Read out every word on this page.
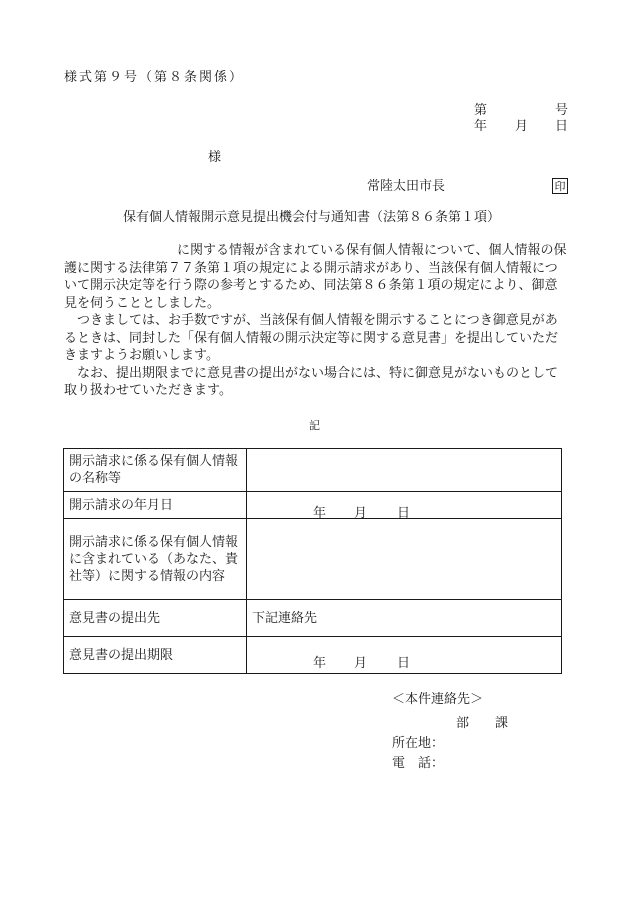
様式第９号（第８条関係）
第	号
年 月 日
様
常陸太田市長	印
保有個人情報開示意見提出機会付与通知書（法第８６条第１項）

に関する情報が含まれている保有個人情報について、個人情報の保護に関する法律第７７条第１項の規定による開示請求があり、当該保有個人情報について開示決定等を行う際の参考とするため、同法第８６条第１項の規定により、御意見を伺うこととしました。

つきましては、お手数ですが、当該保有個人情報を開示することにつき御意見があるときは、同封した「保有個人情報の開示決定等に関する意見書」を提出していただきますようお願いします。

なお、提出期限までに意見書の提出がない場合には、特に御意見がないものとして取り扱わせていただきます。

記
開示請求に係る保有個人情報の名称等	
開示請求の年月日	年 月 日

開示請求に係る保有個人情報に含まれている（あなた、貴社等）に関する情報の内容	
意見書の提出先	下記連絡先
意見書の提出期限	年 月 日
＜本件連絡先＞
部 課
所在地：
電　話：
